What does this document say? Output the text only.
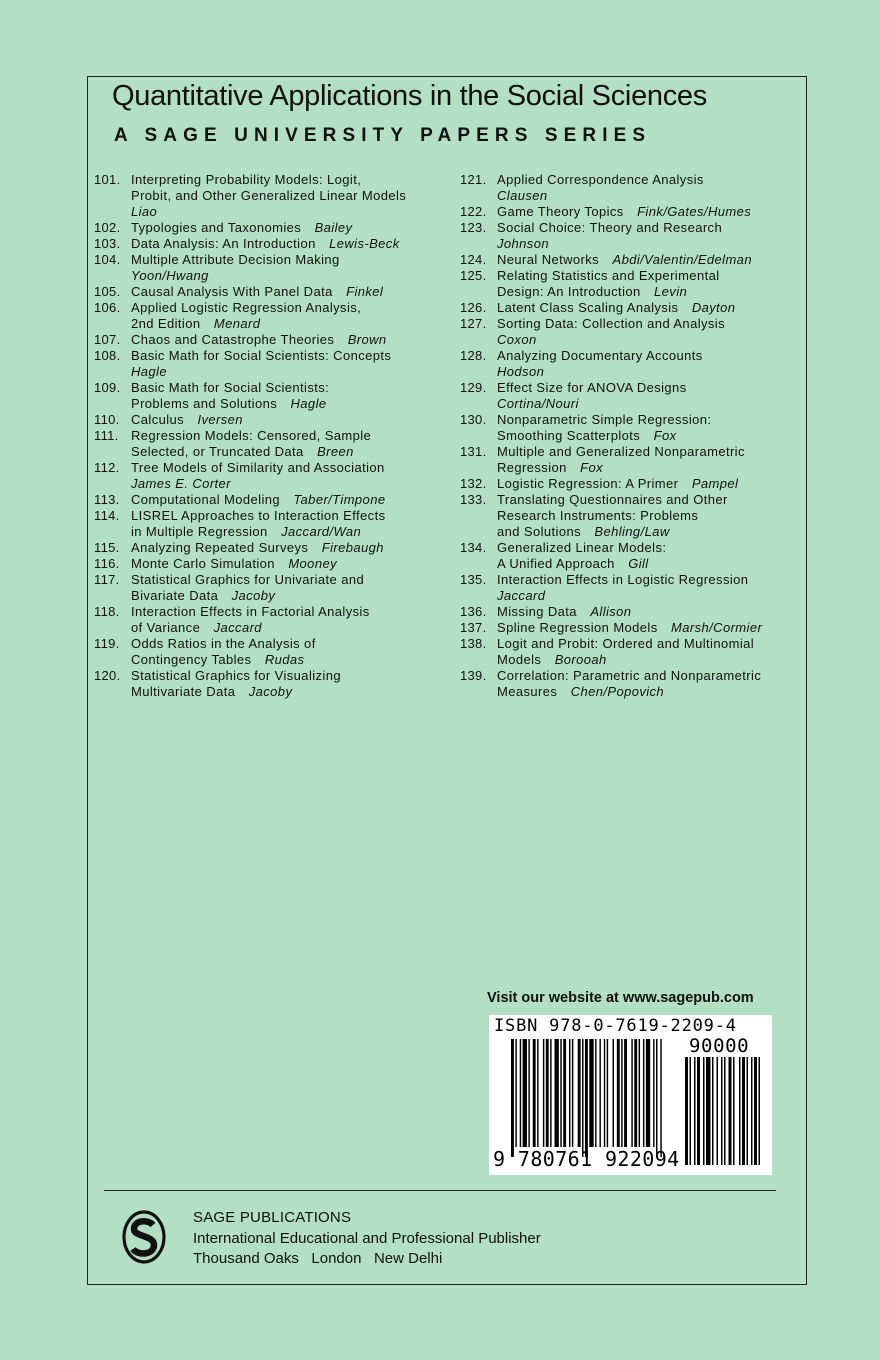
Quantitative Applications in the Social Sciences
A SAGE UNIVERSITY PAPERS SERIES
101. Interpreting Probability Models: Logit,
Probit, and Other Generalized Linear Models
Liao
102. Typologies and Taxonomies  Bailey
103. Data Analysis: An Introduction  Lewis-Beck
104. Multiple Attribute Decision Making
Yoon/Hwang
105. Causal Analysis With Panel Data  Finkel
106. Applied Logistic Regression Analysis,
2nd Edition  Menard
107. Chaos and Catastrophe Theories  Brown
108. Basic Math for Social Scientists: Concepts
Hagle
109. Basic Math for Social Scientists:
Problems and Solutions  Hagle
110. Calculus  Iversen
111. Regression Models: Censored, Sample
Selected, or Truncated Data  Breen
112. Tree Models of Similarity and Association
James E. Corter
113. Computational Modeling  Taber/Timpone
114. LISREL Approaches to Interaction Effects
in Multiple Regression  Jaccard/Wan
115. Analyzing Repeated Surveys  Firebaugh
116. Monte Carlo Simulation  Mooney
117. Statistical Graphics for Univariate and
Bivariate Data  Jacoby
118. Interaction Effects in Factorial Analysis
of Variance  Jaccard
119. Odds Ratios in the Analysis of
Contingency Tables  Rudas
120. Statistical Graphics for Visualizing
Multivariate Data  Jacoby
121. Applied Correspondence Analysis
Clausen
122. Game Theory Topics  Fink/Gates/Humes
123. Social Choice: Theory and Research
Johnson
124. Neural Networks  Abdi/Valentin/Edelman
125. Relating Statistics and Experimental
Design: An Introduction  Levin
126. Latent Class Scaling Analysis  Dayton
127. Sorting Data: Collection and Analysis
Coxon
128. Analyzing Documentary Accounts
Hodson
129. Effect Size for ANOVA Designs
Cortina/Nouri
130. Nonparametric Simple Regression:
Smoothing Scatterplots  Fox
131. Multiple and Generalized Nonparametric
Regression  Fox
132. Logistic Regression: A Primer  Pampel
133. Translating Questionnaires and Other
Research Instruments: Problems
and Solutions  Behling/Law
134. Generalized Linear Models:
A Unified Approach  Gill
135. Interaction Effects in Logistic Regression
Jaccard
136. Missing Data  Allison
137. Spline Regression Models  Marsh/Cormier
138. Logit and Probit: Ordered and Multinomial
Models  Borooah
139. Correlation: Parametric and Nonparametric
Measures  Chen/Popovich
Visit our website at www.sagepub.com
ISBN 978-0-7619-2209-4
90000
9 780761 922094
SAGE PUBLICATIONS
International Educational and Professional Publisher
Thousand Oaks   London   New Delhi
